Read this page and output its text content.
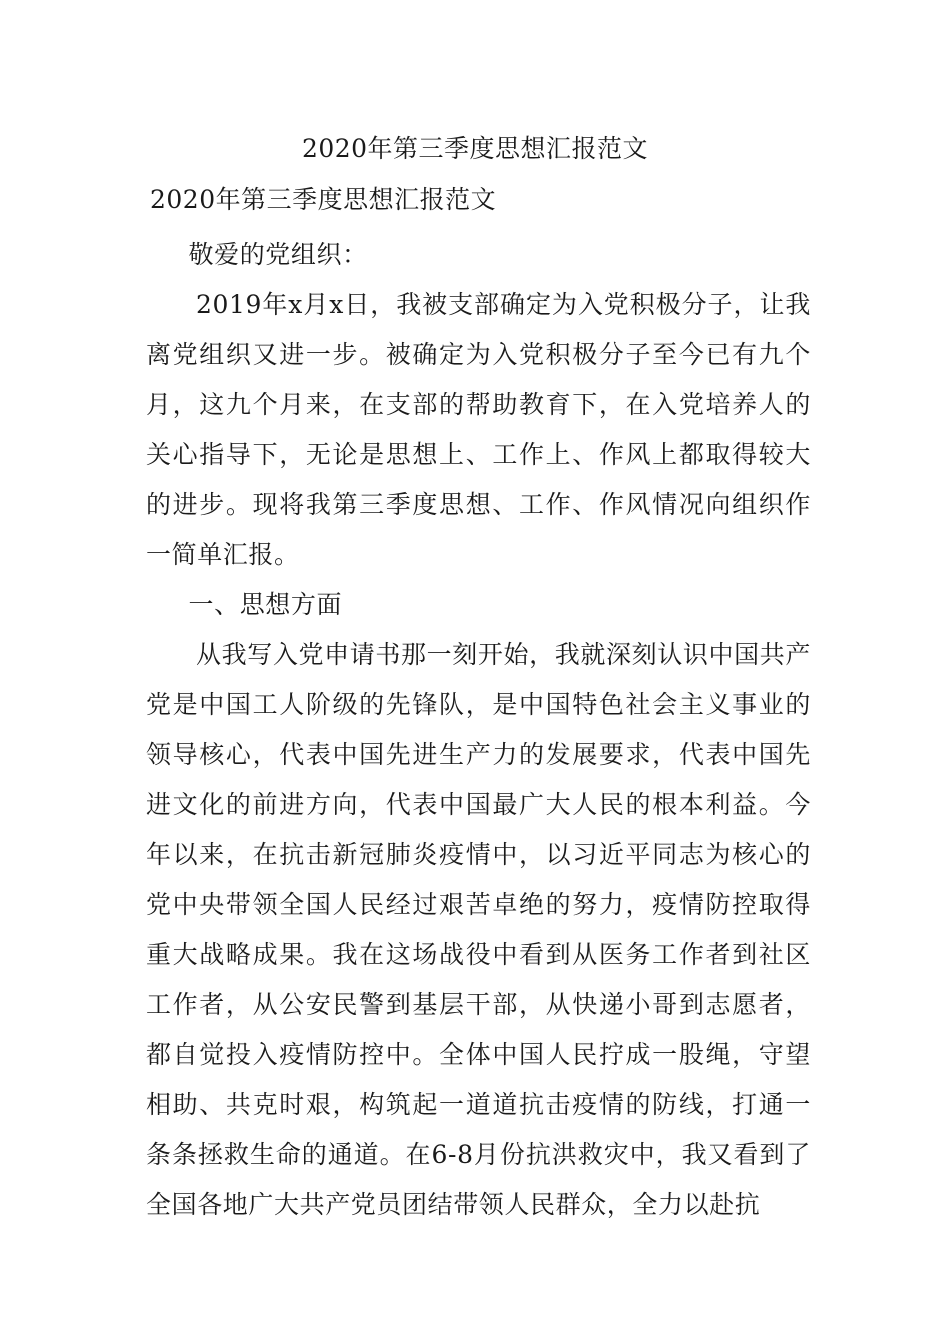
2020年第三季度思想汇报范文
2020年第三季度思想汇报范文

敬爱的党组织：

2019年x月x日，我被支部确定为入党积极分子，让我离党组织又进一步。被确定为入党积极分子至今已有九个月，这九个月来，在支部的帮助教育下，在入党培养人的关心指导下，无论是思想上、工作上、作风上都取得较大的进步。现将我第三季度思想、工作、作风情况向组织作一简单汇报。

一、思想方面

从我写入党申请书那一刻开始，我就深刻认识中国共产党是中国工人阶级的先锋队，是中国特色社会主义事业的领导核心，代表中国先进生产力的发展要求，代表中国先进文化的前进方向，代表中国最广大人民的根本利益。今年以来，在抗击新冠肺炎疫情中，以习近平同志为核心的党中央带领全国人民经过艰苦卓绝的努力，疫情防控取得重大战略成果。我在这场战役中看到从医务工作者到社区工作者，从公安民警到基层干部，从快递小哥到志愿者，都自觉投入疫情防控中。全体中国人民拧成一股绳，守望相助、共克时艰，构筑起一道道抗击疫情的防线，打通一条条拯救生命的通道。在6-8月份抗洪救灾中，我又看到了全国各地广大共产党员团结带领人民群众，全力以赴抗
